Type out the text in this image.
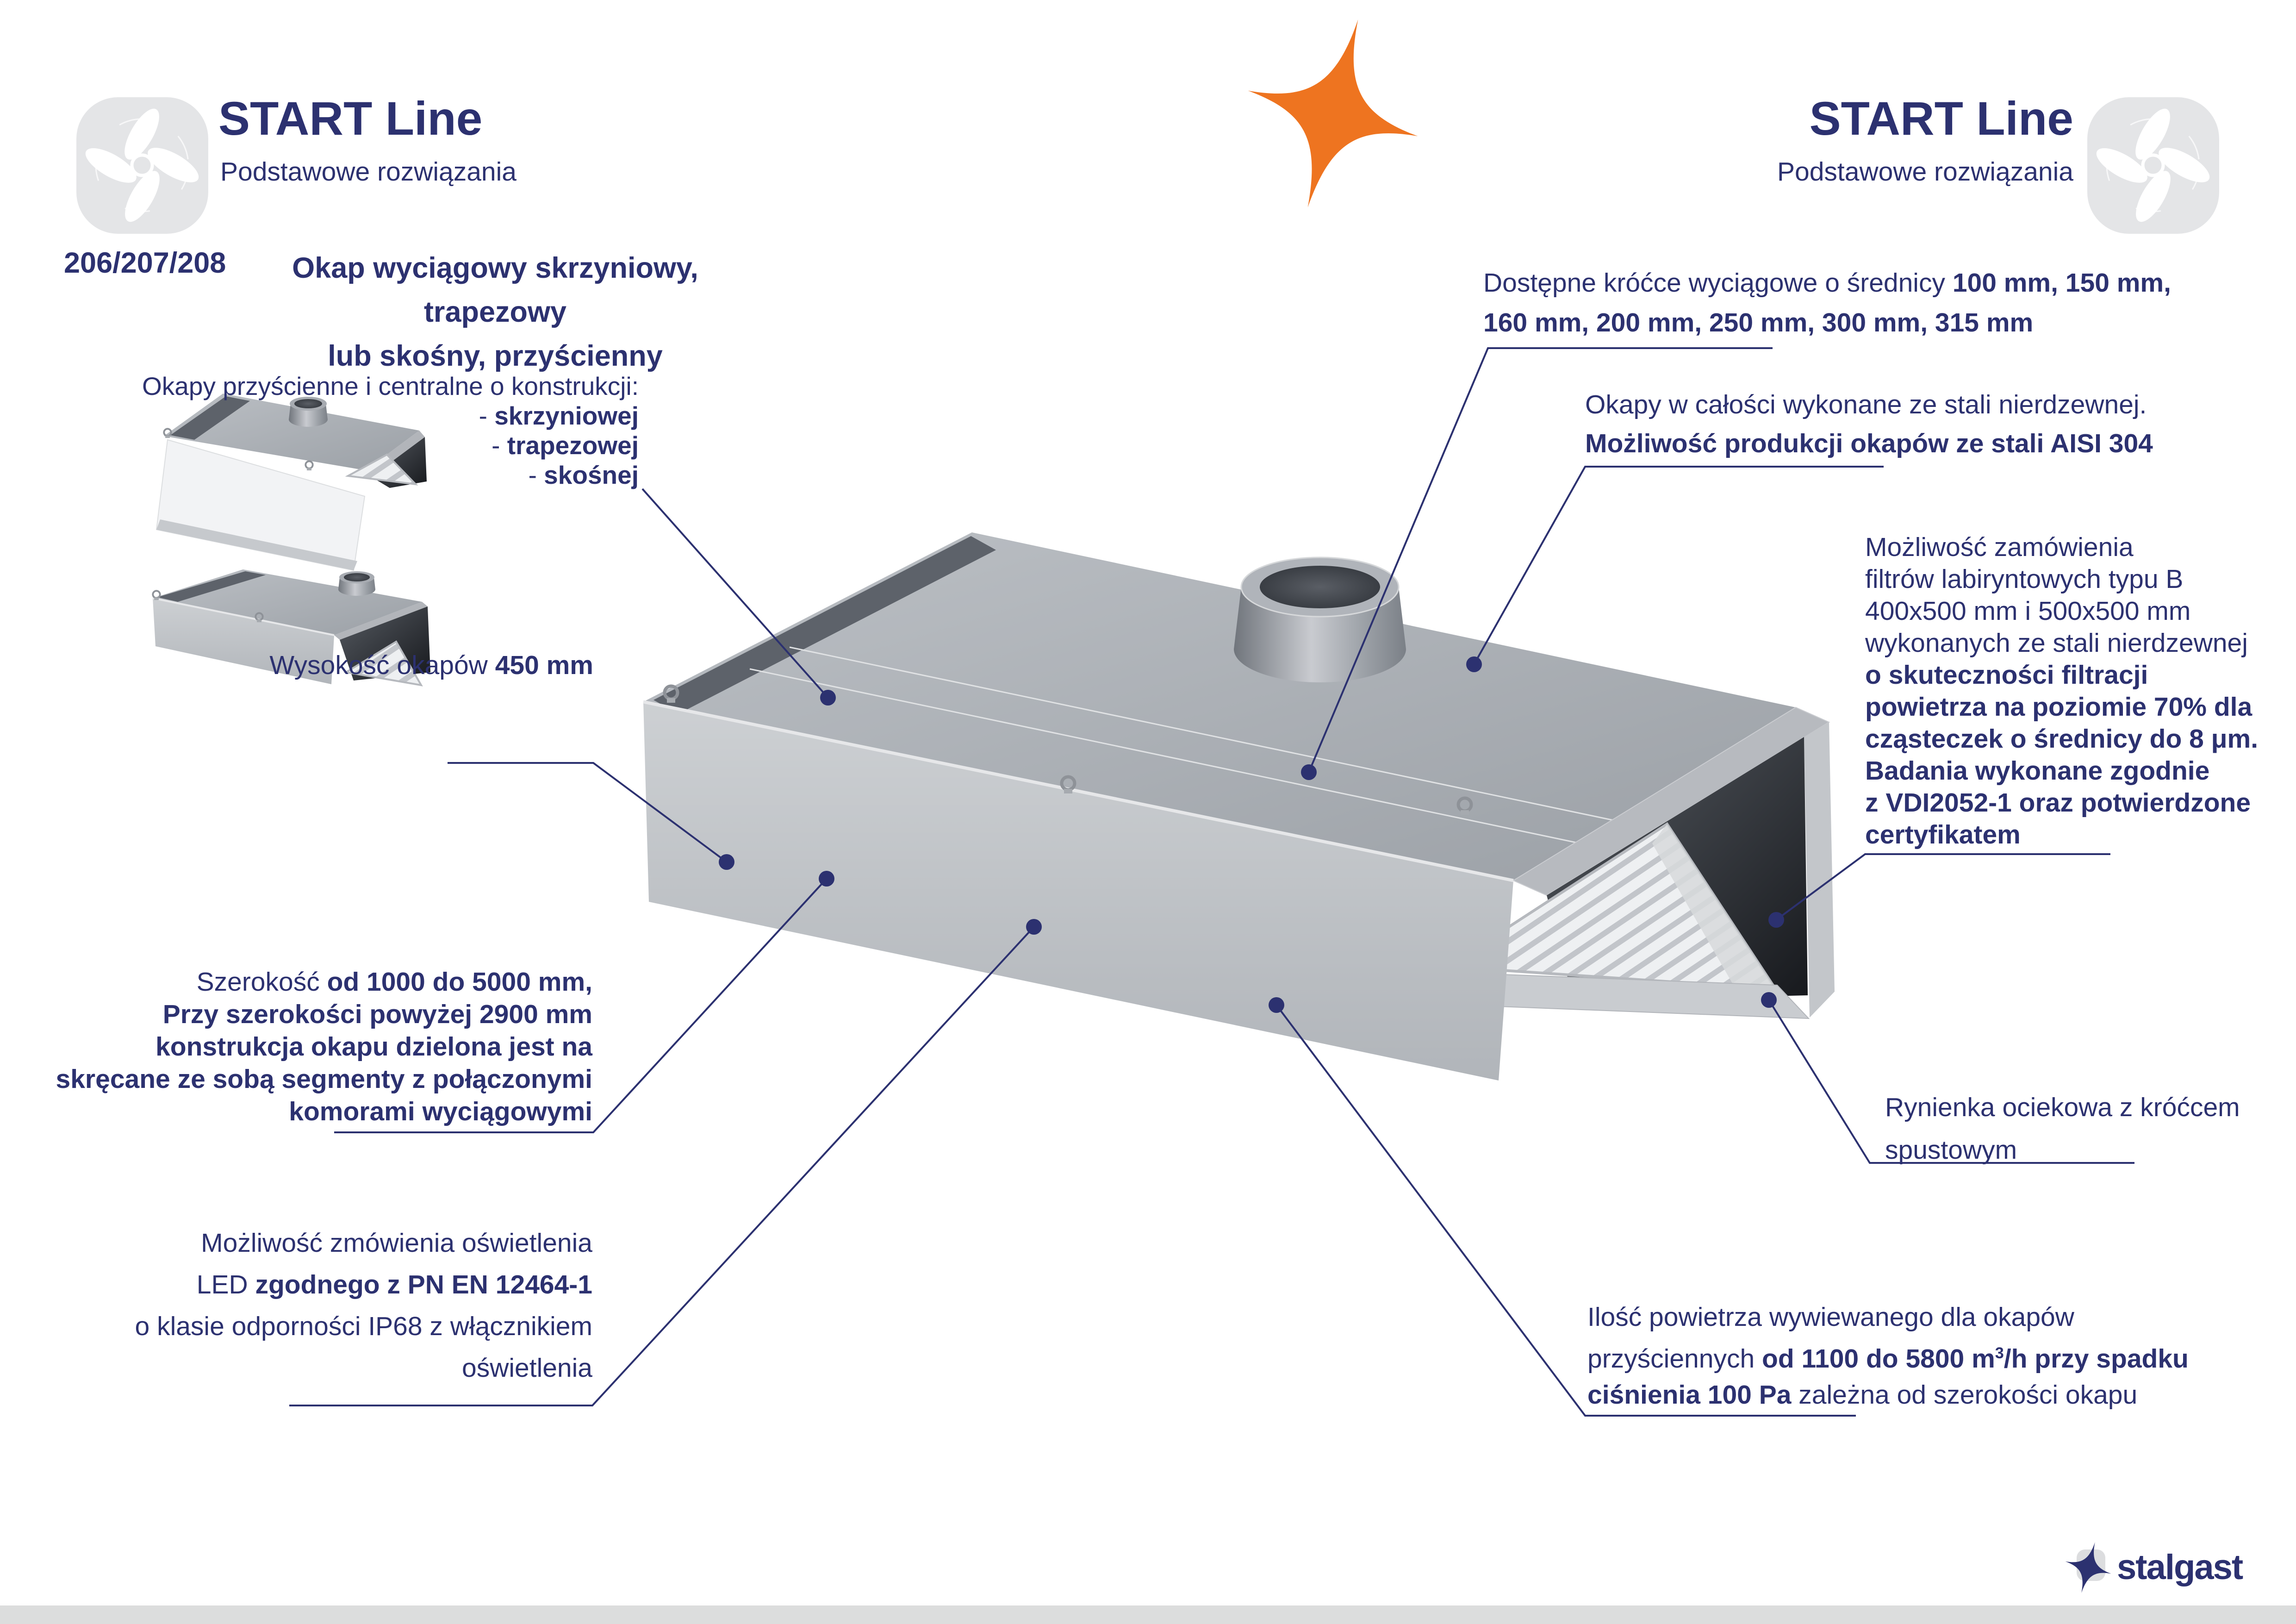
START Line
Podstawowe rozwiązania
START Line
Podstawowe rozwiązania
206/207/208	Okap wyciągowy skrzyniowy, trapezowy
lub skośny, przyścienny
Okapy przyścienne i centralne o konstrukcji:
- skrzyniowej
- trapezowej
- skośnej
Wysokość okapów 450 mm
Szerokość od 1000 do 5000 mm,
Przy szerokości powyżej 2900 mm
konstrukcja okapu dzielona jest na
skręcane ze sobą segmenty z połączonymi
komorami wyciągowymi
Możliwość zmówienia oświetlenia
LED zgodnego z PN EN 12464-1
o klasie odporności IP68 z włącznikiem
oświetlenia
Dostępne króćce wyciągowe o średnicy 100 mm, 150 mm,
160 mm, 200 mm, 250 mm, 300 mm, 315 mm
Okapy w całości wykonane ze stali nierdzewnej.
Możliwość produkcji okapów ze stali AISI 304
Możliwość zamówienia
filtrów labiryntowych typu B
400x500 mm i 500x500 mm
wykonanych ze stali nierdzewnej
o skuteczności filtracji
powietrza na poziomie 70% dla
cząsteczek o średnicy do 8 μm.
Badania wykonane zgodnie
z VDI2052-1 oraz potwierdzone
certyfikatem
Rynienka ociekowa z króćcem
spustowym
Ilość powietrza wywiewanego dla okapów
przyściennych od 1100 do 5800 $m^3/h$ przy spadku
ciśnienia 100 Pa zależna od szerokości okapu
stalgast
